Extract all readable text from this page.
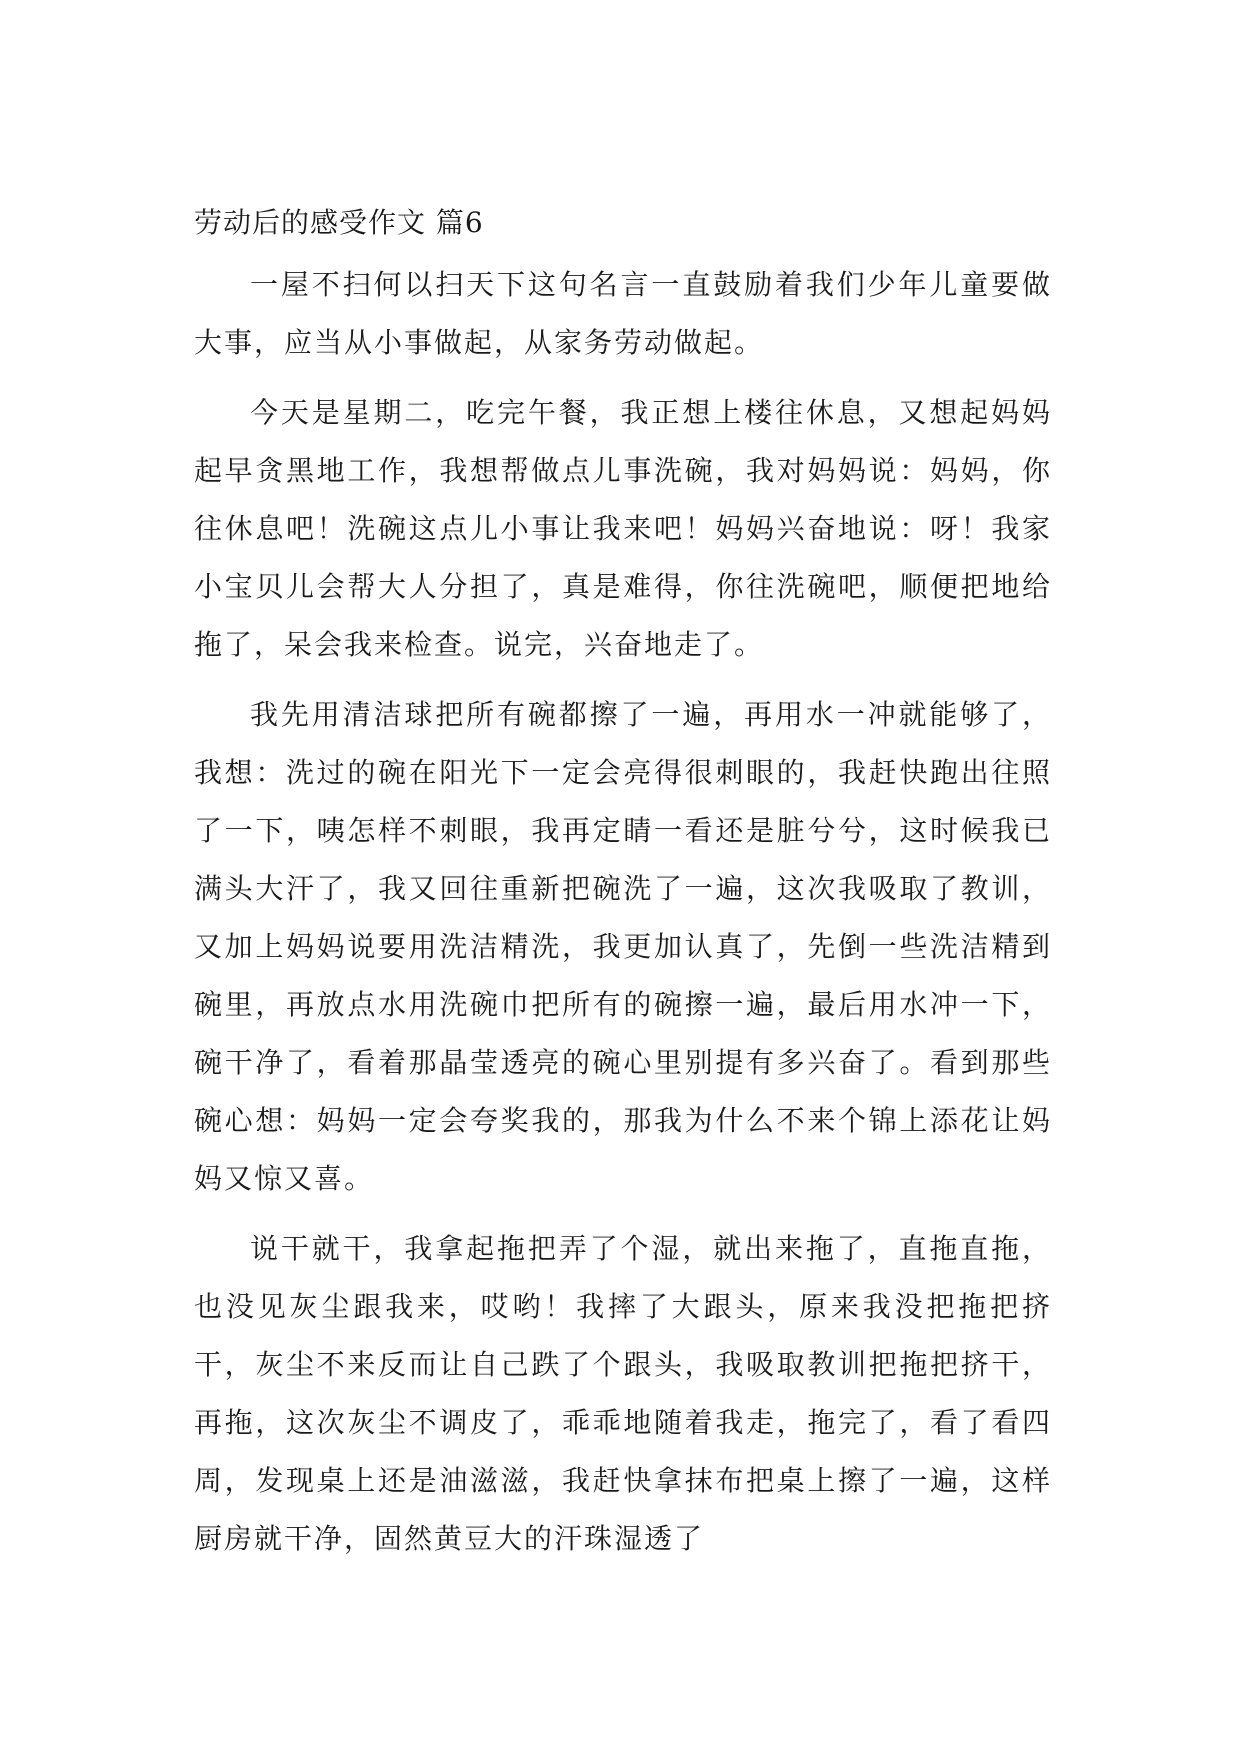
劳动后的感受作文 篇6

一屋不扫何以扫天下这句名言一直鼓励着我们少年儿童要做大事，应当从小事做起，从家务劳动做起。

今天是星期二，吃完午餐，我正想上楼往休息，又想起妈妈起早贪黑地工作，我想帮做点儿事洗碗，我对妈妈说：妈妈，你往休息吧！洗碗这点儿小事让我来吧！妈妈兴奋地说：呀！我家小宝贝儿会帮大人分担了，真是难得，你往洗碗吧，顺便把地给拖了，呆会我来检查。说完，兴奋地走了。

我先用清洁球把所有碗都擦了一遍，再用水一冲就能够了，我想：洗过的碗在阳光下一定会亮得很刺眼的，我赶快跑出往照了一下，咦怎样不刺眼，我再定睛一看还是脏兮兮，这时候我已满头大汗了，我又回往重新把碗洗了一遍，这次我吸取了教训，又加上妈妈说要用洗洁精洗，我更加认真了，先倒一些洗洁精到碗里，再放点水用洗碗巾把所有的碗擦一遍，最后用水冲一下，碗干净了，看着那晶莹透亮的碗心里别提有多兴奋了。看到那些碗心想：妈妈一定会夸奖我的，那我为什么不来个锦上添花让妈妈又惊又喜。

说干就干，我拿起拖把弄了个湿，就出来拖了，直拖直拖，也没见灰尘跟我来，哎哟！我摔了大跟头，原来我没把拖把挤干，灰尘不来反而让自己跌了个跟头，我吸取教训把拖把挤干，再拖，这次灰尘不调皮了，乖乖地随着我走，拖完了，看了看四周，发现桌上还是油滋滋，我赶快拿抹布把桌上擦了一遍，这样厨房就干净，固然黄豆大的汗珠湿透了
